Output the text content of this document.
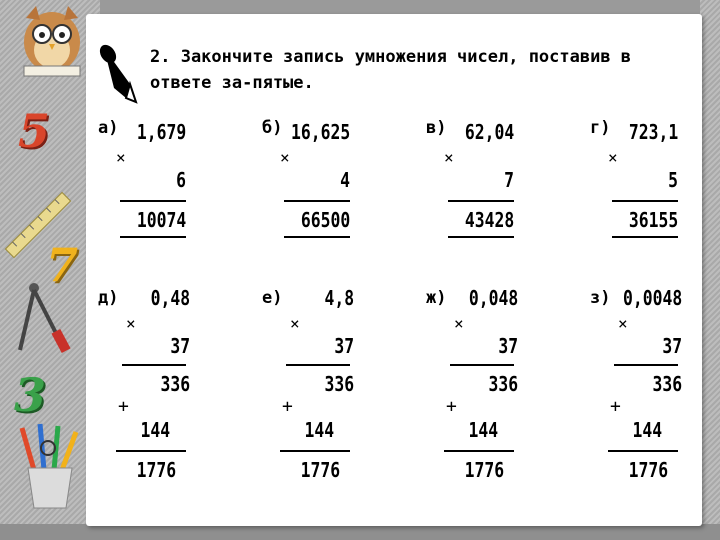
5
7
3

2. Закончите запись умножения чисел, поставив в ответе за-пятые.

а) 1,679
×
6
10074
б) 16,625
×
4
66500
в) 62,04
×
7
43428
г) 723,1
×
5
36155
д) 0,48
×
37
336
+
144
1776
е) 4,8
×
37
336
+
144
1776
ж) 0,048
×
37
336
+
144
1776
з) 0,0048
×
37
336
+
144
1776
